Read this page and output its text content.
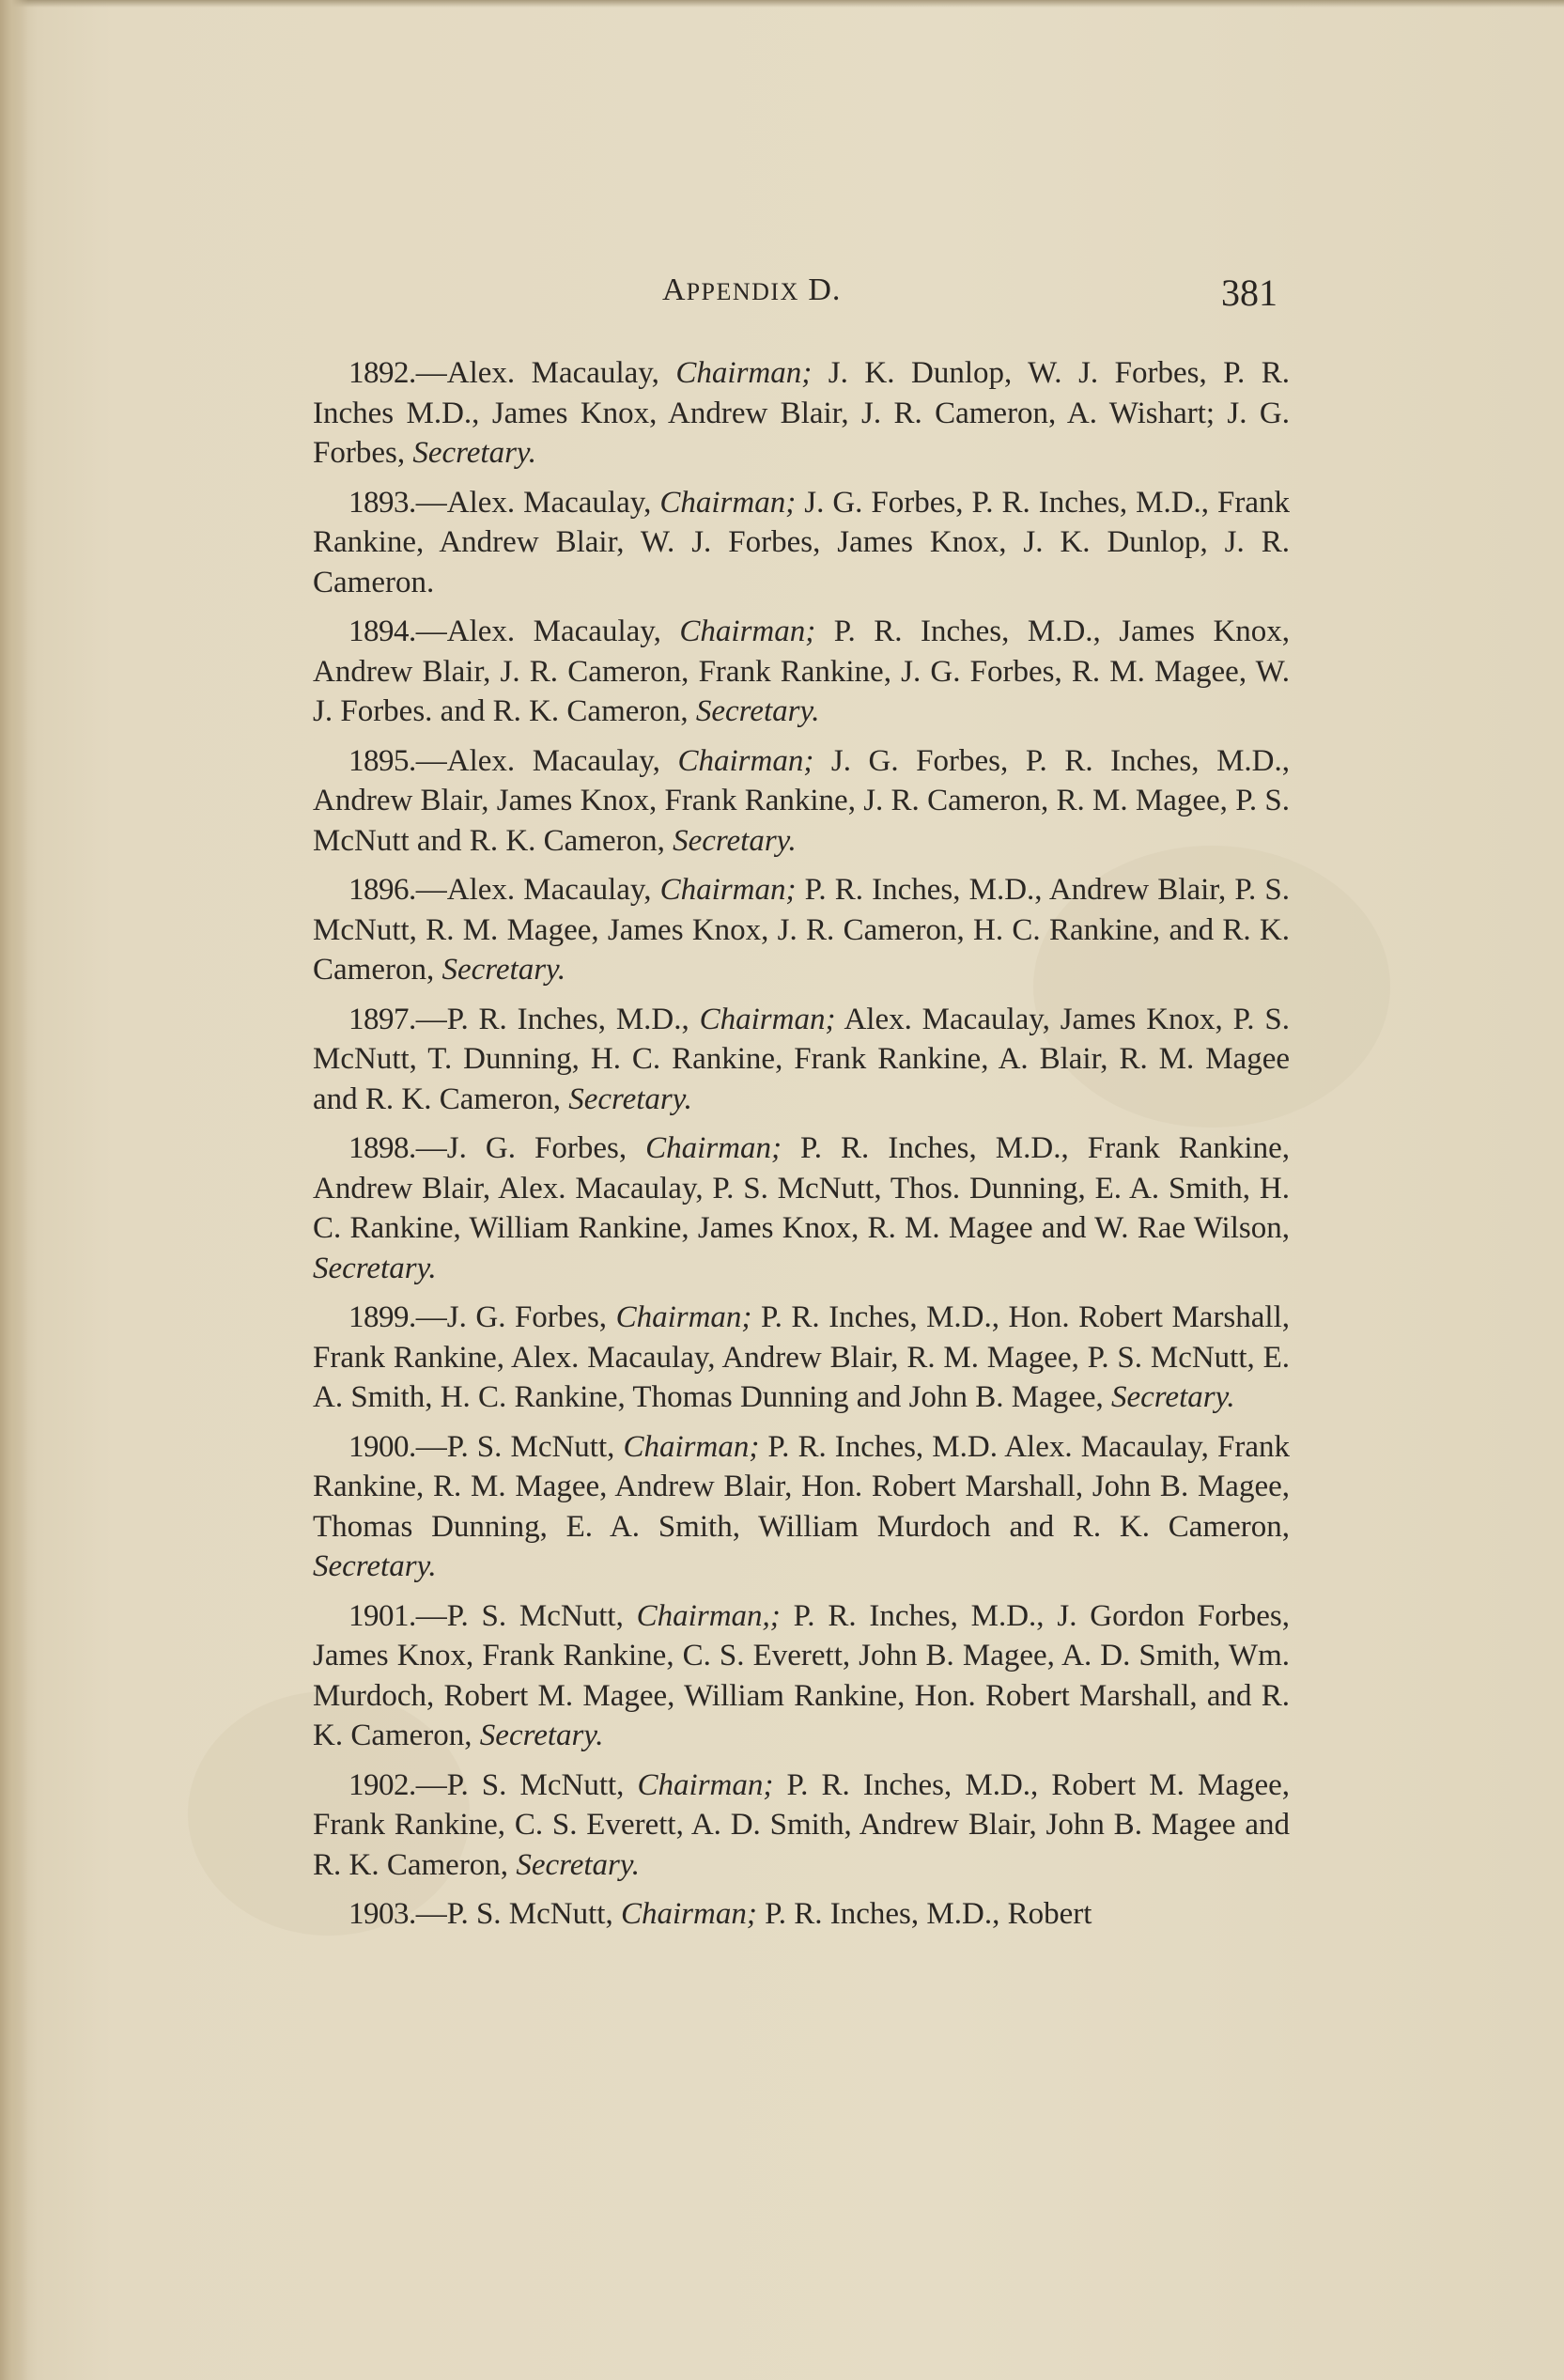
APPENDIX D.	381

1892.—Alex. Macaulay, Chairman; J. K. Dunlop, W. J. Forbes, P. R. Inches M.D., James Knox, Andrew Blair, J. R. Cameron, A. Wishart; J. G. Forbes, Secretary.

1893.—Alex. Macaulay, Chairman; J. G. Forbes, P. R. Inches, M.D., Frank Rankine, Andrew Blair, W. J. Forbes, James Knox, J. K. Dunlop, J. R. Cameron.

1894.—Alex. Macaulay, Chairman; P. R. Inches, M.D., James Knox, Andrew Blair, J. R. Cameron, Frank Rankine, J. G. Forbes, R. M. Magee, W. J. Forbes. and R. K. Cameron, Secretary.

1895.—Alex. Macaulay, Chairman; J. G. Forbes, P. R. Inches, M.D., Andrew Blair, James Knox, Frank Rankine, J. R. Cameron, R. M. Magee, P. S. McNutt and R. K. Cameron, Secretary.

1896.—Alex. Macaulay, Chairman; P. R. Inches, M.D., Andrew Blair, P. S. McNutt, R. M. Magee, James Knox, J. R. Cameron, H. C. Rankine, and R. K. Cameron, Secretary.

1897.—P. R. Inches, M.D., Chairman; Alex. Macaulay, James Knox, P. S. McNutt, T. Dunning, H. C. Rankine, Frank Rankine, A. Blair, R. M. Magee and R. K. Cameron, Secretary.

1898.—J. G. Forbes, Chairman; P. R. Inches, M.D., Frank Rankine, Andrew Blair, Alex. Macaulay, P. S. McNutt, Thos. Dunning, E. A. Smith, H. C. Rankine, William Rankine, James Knox, R. M. Magee and W. Rae Wilson, Secretary.

1899.—J. G. Forbes, Chairman; P. R. Inches, M.D., Hon. Robert Marshall, Frank Rankine, Alex. Macaulay, Andrew Blair, R. M. Magee, P. S. McNutt, E. A. Smith, H. C. Rankine, Thomas Dunning and John B. Magee, Secretary.

1900.—P. S. McNutt, Chairman; P. R. Inches, M.D. Alex. Macaulay, Frank Rankine, R. M. Magee, Andrew Blair, Hon. Robert Marshall, John B. Magee, Thomas Dunning, E. A. Smith, William Murdoch and R. K. Cameron, Secretary.

1901.—P. S. McNutt, Chairman,; P. R. Inches, M.D., J. Gordon Forbes, James Knox, Frank Rankine, C. S. Everett, John B. Magee, A. D. Smith, Wm. Murdoch, Robert M. Magee, William Rankine, Hon. Robert Marshall, and R. K. Cameron, Secretary.

1902.—P. S. McNutt, Chairman; P. R. Inches, M.D., Robert M. Magee, Frank Rankine, C. S. Everett, A. D. Smith, Andrew Blair, John B. Magee and R. K. Cameron, Secretary.

1903.—P. S. McNutt, Chairman; P. R. Inches, M.D., Robert
